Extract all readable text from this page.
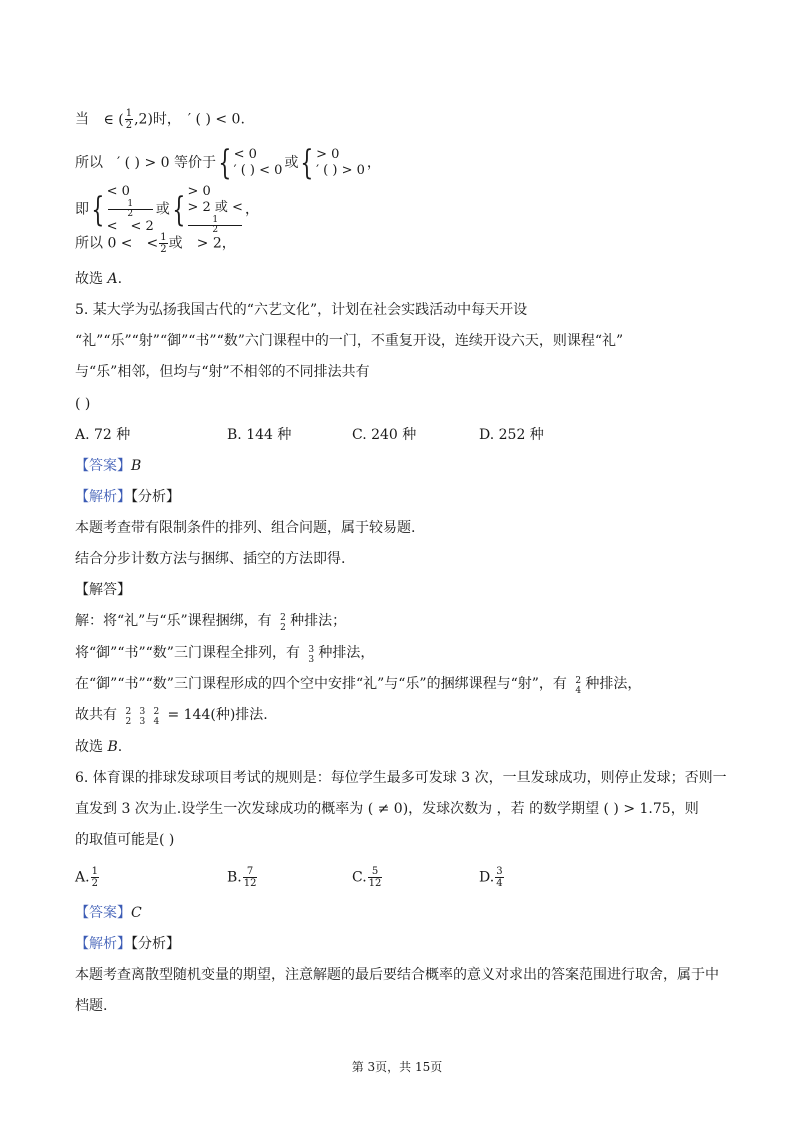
当 ∈ ( $\frac{1}{2} ,2$)时，　′ ( ) < 0.
所以　′ ( ) > 0 等价于{ < 0
′ ( ) < 0 或{ > 0
′ ( ) > 0 ，
即{ < 0
1
2
<　< 2
或{ > 0
> 2 或 <
1
2
，
所以 0 <　< $\frac{1}{2}$ 或　> 2，
故选 A.
5. 某大学为弘扬我国古代的“六艺文化”，计划在社会实践活动中每天开设
“礼”“乐”“射”“御”“书”“数”六门课程中的一门，不重复开设，连续开设六天，则课程“礼”
与“乐”相邻，但均与“射”不相邻的不同排法共有
( )
A. 72 种	B. 144 种	C. 240 种	D. 252 种
【答案】B
【解析】【分析】
本题考查带有限制条件的排列、组合问题，属于较易题.
结合分步计数方法与捆绑、插空的方法即得.
【解答】
解：将“礼”与“乐”课程捆绑，有 2
2 种排法；
将“御”“书”“数”三门课程全排列，有 3
3 种排法，
在“御”“书”“数”三门课程形成的四个空中安排“礼”与“乐”的捆绑课程与“射”，有 2
4 种排法，
故共有 2
2
3
3
2
4 = 144(种)排法.
故选 B.
6. 体育课的排球发球项目考试的规则是：每位学生最多可发球 3 次，一旦发球成功，则停止发球；否则一
直发到 3 次为止.设学生一次发球成功的概率为 ( ≠ 0)，发球次数为 ，若 的数学期望 ( ) > 1.75，则
的取值可能是( )
A. $\frac{1}{2}$	B. $\frac{7}{12}$	C. $\frac{5}{12}$	D. $\frac{3}{4}$
【答案】C
【解析】【分析】
本题考查离散型随机变量的期望，注意解题的最后要结合概率的意义对求出的答案范围进行取舍，属于中
档题.
第 3页，共 15页
